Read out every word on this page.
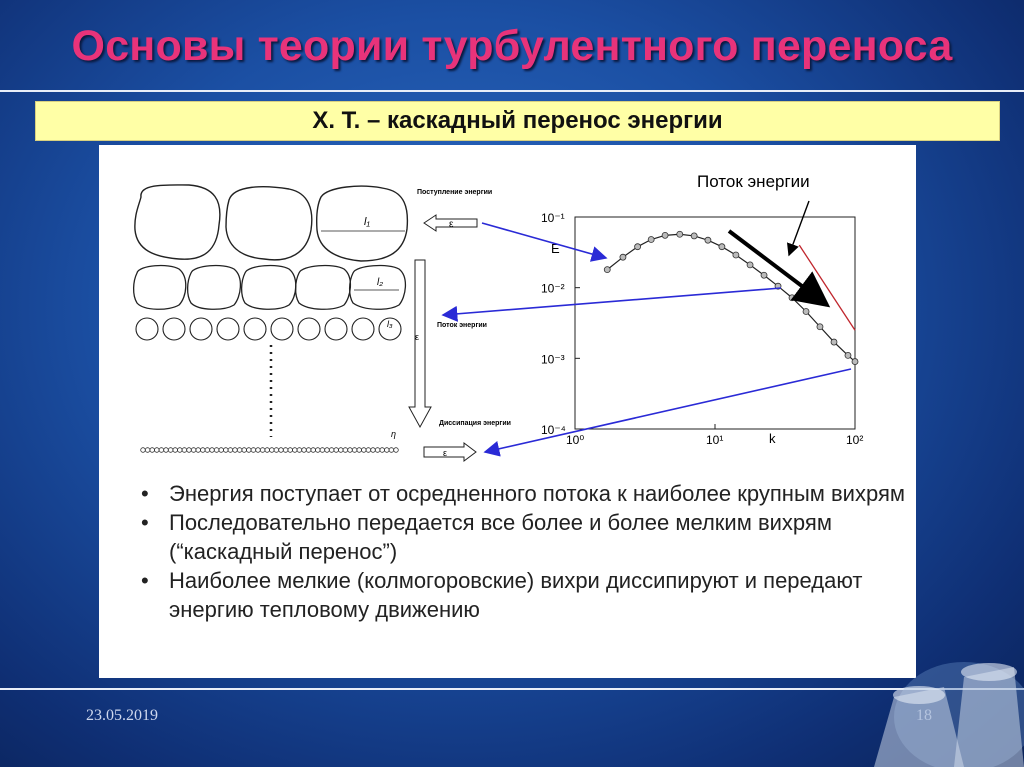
Основы теории турбулентного переноса
Х. Т. – каскадный перенос энергии
l₁
l₂
l₃
η
Поступление энергии
ε
ε
Поток энергии
Диссипация энергии
ε
E
k
10⁻¹
10⁻²
10⁻³
10⁻⁴
10⁰	10¹	10²
Поток энергии
• Энергия поступает от осредненного потока к наиболее крупным вихрям
• Последовательно передается все более и более мелким вихрям (“каскадный перенос”)
• Наиболее мелкие (колмогоровские) вихри диссипируют и передают энергию тепловому движению
23.05.2019
